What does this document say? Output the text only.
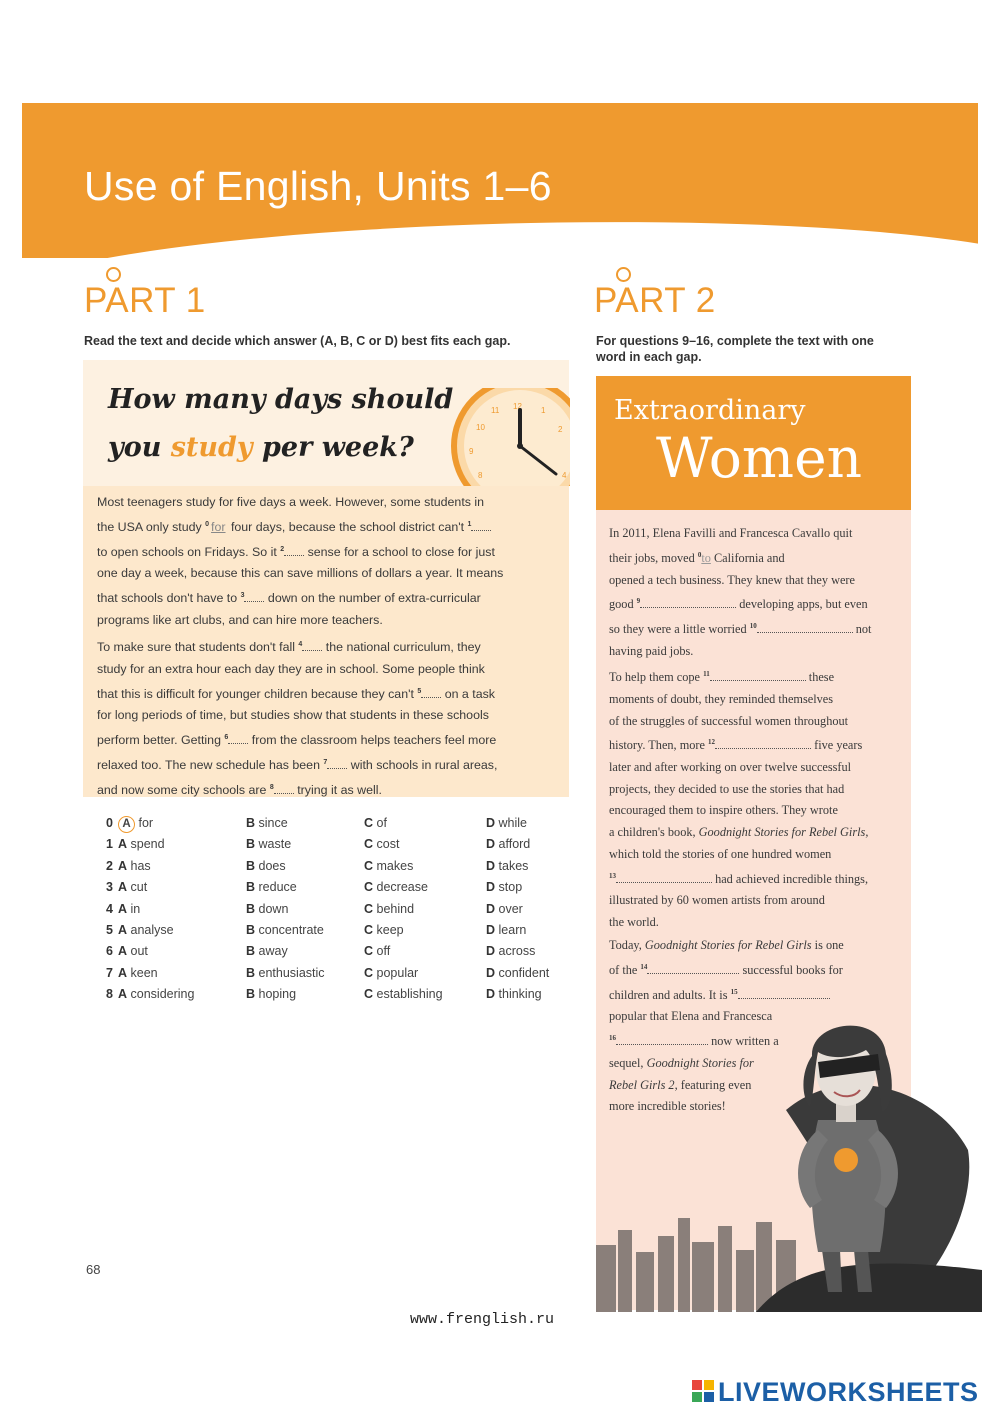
Use of English, Units 1–6
PART 1
Read the text and decide which answer (A, B, C or D) best fits each gap.
How many days should
you study per week?
11 12 1
10	2
9
8	4
Most teenagers study for five days a week. However, some students in
the USA only study $^0$ for four days, because the school district can't $^1$
to open schools on Fridays. So it $^2$ sense for a school to close for just
one day a week, because this can save millions of dollars a year. It means
that schools don't have to $^3$ down on the number of extra-curricular
programs like art clubs, and can hire more teachers.
To make sure that students don't fall $^4$ the national curriculum, they
study for an extra hour each day they are in school. Some people think
that this is difficult for younger children because they can't $^5$ on a task
for long periods of time, but studies show that students in these schools
perform better. Getting $^6$ from the classroom helps teachers feel more
relaxed too. The new schedule has been $^7$ with schools in rural areas,
and now some city schools are $^8$ trying it as well.
0 A for	B since	C of	D while
1 A spend	B waste	C cost	D afford
2 A has	B does	C makes	D takes
3 A cut	B reduce	C decrease	D stop
4 A in	B down	C behind	D over
5 A analyse	B concentrate	C keep	D learn
6 A out	B away	C off	D across
7 A keen	B enthusiastic	C popular	D confident
8 A considering	B hoping	C establishing	D thinking
PART 2
For questions 9–16, complete the text with one
word in each gap.
Extraordinary
Women
In 2011, Elena Favilli and Francesca Cavallo quit
their jobs, moved $^0$to California and
opened a tech business. They knew that they were
good $^9$	developing apps, but even
so they were a little worried $^{10}$	not
having paid jobs.
To help them cope $^{11}$	these
moments of doubt, they reminded themselves
of the struggles of successful women throughout
history. Then, more $^{12}$	five years
later and after working on over twelve successful
projects, they decided to use the stories that had
encouraged them to inspire others. They wrote
a children's book, Goodnight Stories for Rebel Girls,
which told the stories of one hundred women
$^{13}$	had achieved incredible things,
illustrated by 60 women artists from around
the world.
Today, Goodnight Stories for Rebel Girls is one
of the $^{14}$	successful books for
children and adults. It is $^{15}$
popular that Elena and Francesca
$^{16}$	now written a
sequel, Goodnight Stories for
Rebel Girls 2, featuring even
more incredible stories!
68
www.frenglish.ru
LIVEWORKSHEETS
